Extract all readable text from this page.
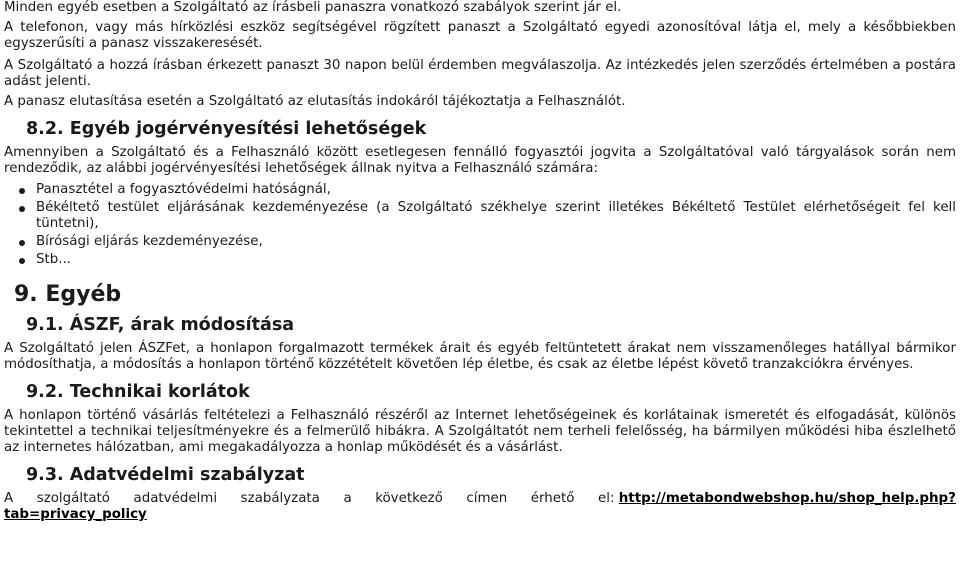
Minden egyéb esetben a Szolgáltató az írásbeli panaszra vonatkozó szabályok szerint jár el.

A telefonon, vagy más hírközlési eszköz segítségével rögzített panaszt a Szolgáltató egyedi azonosítóval látja el, mely a későbbiekben egyszerűsíti a panasz visszakeresését.

A Szolgáltató a hozzá írásban érkezett panaszt 30 napon belül érdemben megválaszolja. Az intézkedés jelen szerződés értelmében a postára adást jelenti.

A panasz elutasítása esetén a Szolgáltató az elutasítás indokáról tájékoztatja a Felhasználót.

8.2. Egyéb jogérvényesítési lehetőségek

Amennyiben a Szolgáltató és a Felhasználó között esetlegesen fennálló fogyasztói jogvita a Szolgáltatóval való tárgyalások során nem rendeződik, az alábbi jogérvényesítési lehetőségek állnak nyitva a Felhasználó számára:

Panasztétel a fogyasztóvédelmi hatóságnál,
Békéltető testület eljárásának kezdeményezése (a Szolgáltató székhelye szerint illetékes Békéltető Testület elérhetőségeit fel kell tüntetni),
Bírósági eljárás kezdeményezése,
Stb...
9. Egyéb
9.1. ÁSZF, árak módosítása

A Szolgáltató jelen ÁSZFet, a honlapon forgalmazott termékek árait és egyéb feltüntetett árakat nem visszamenőleges hatállyal bármikor módosíthatja, a módosítás a honlapon történő közzétételt követően lép életbe, és csak az életbe lépést követő tranzakciókra érvényes.

9.2. Technikai korlátok

A honlapon történő vásárlás feltételezi a Felhasználó részéről az Internet lehetőségeinek és korlátainak ismeretét és elfogadását, különös tekintettel a technikai teljesítményekre és a felmerülő hibákra. A Szolgáltatót nem terheli felelősség, ha bármilyen működési hiba észlelhető az internetes hálózatban, ami megakadályozza a honlap működését és a vásárlást.

9.3. Adatvédelmi szabályzat
A szolgáltató adatvédelmi szabályzata a következő címen érhető el: http://metabondwebshop.hu/shop_help.php?
tab=privacy_policy
